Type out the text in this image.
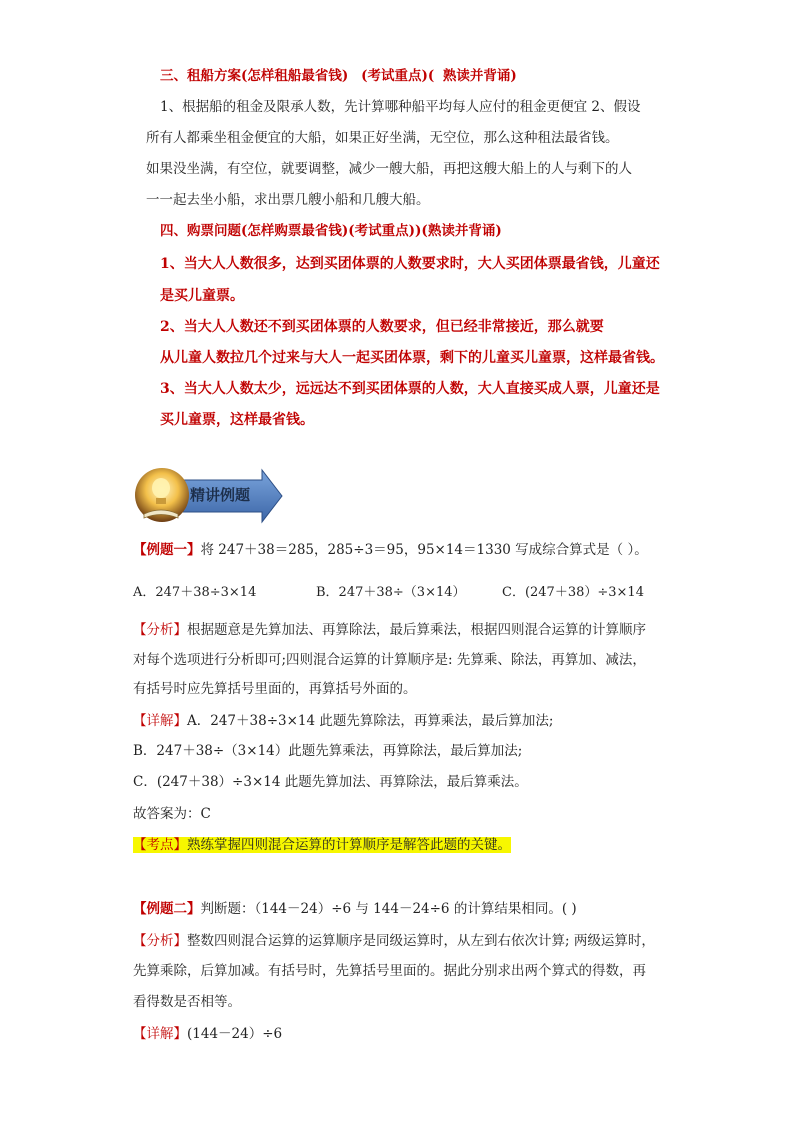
三、租船方案(怎样租船最省钱) (考试重点)( 熟读并背诵)
1、根据船的租金及限承人数，先计算哪种船平均每人应付的租金更便宜 2、假设
所有人都乘坐租金便宜的大船，如果正好坐满，无空位，那么这种租法最省钱。
如果没坐满，有空位，就要调整，减少一艘大船，再把这艘大船上的人与剩下的人
一一起去坐小船，求出票几艘小船和几艘大船。
四、购票问题(怎样购票最省钱)(考试重点))(熟读并背诵)
1、当大人人数很多，达到买团体票的人数要求时，大人买团体票最省钱，儿童还
是买儿童票。
2、当大人人数还不到买团体票的人数要求，但已经非常接近，那么就要
从儿童人数拉几个过来与大人一起买团体票，剩下的儿童买儿童票，这样最省钱。
3、当大人人数太少，远远达不到买团体票的人数，大人直接买成人票，儿童还是
买儿童票，这样最省钱。
精讲例题
【例题一】将 247＋38＝285，285÷3＝95，95×14＝1330 写成综合算式是（ ）。
A．247＋38÷3×14	B．247＋38÷（3×14）	C．(247＋38）÷3×14
【分析】根据题意是先算加法、再算除法，最后算乘法，根据四则混合运算的计算顺序
对每个选项进行分析即可;四则混合运算的计算顺序是: 先算乘、除法，再算加、减法，
有括号时应先算括号里面的，再算括号外面的。
【详解】A．247＋38÷3×14 此题先算除法，再算乘法，最后算加法;
B．247＋38÷（3×14）此题先算乘法，再算除法，最后算加法;
C．(247＋38）÷3×14 此题先算加法、再算除法，最后算乘法。
故答案为：C
【考点】熟练掌握四则混合运算的计算顺序是解答此题的关键。
【例题二】判断题：（144－24）÷6 与 144－24÷6 的计算结果相同。( )
【分析】整数四则混合运算的运算顺序是同级运算时，从左到右依次计算; 两级运算时，
先算乘除，后算加减。有括号时，先算括号里面的。据此分别求出两个算式的得数，再
看得数是否相等。
【详解】(144－24）÷6
